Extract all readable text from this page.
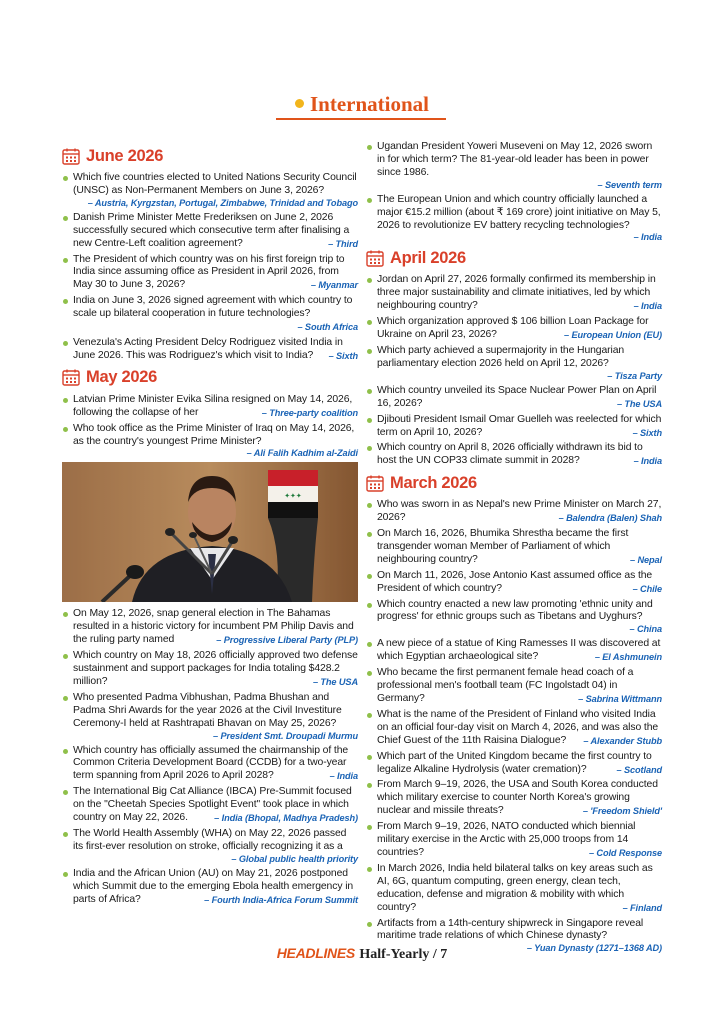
International
June 2026
Which five countries elected to United Nations Security Council (UNSC) as Non-Permanent Members on June 3, 2026?
– Austria, Kyrgzstan, Portugal, Zimbabwe, Trinidad and Tobago
Danish Prime Minister Mette Frederiksen on June 2, 2026 successfully secured which consecutive term after finalising a new Centre-Left coalition agreement?	– Third
The President of which country was on his first foreign trip to India since assuming office as President in April 2026, from May 30 to June 3, 2026?	– Myanmar
India on June 3, 2026 signed agreement with which country to scale up bilateral cooperation in future technologies?
– South Africa
Venezula's Acting President Delcy Rodriguez visited India in June 2026. This was Rodriguez's which visit to India?	– Sixth
May 2026
Latvian Prime Minister Evika Silina resigned on May 14, 2026, following the collapse of her	– Three-party coalition
Who took office as the Prime Minister of Iraq on May 14, 2026, as the country's youngest Prime Minister?
– Ali Falih Kadhim al-Zaidi
✦✦✦
On May 12, 2026, snap general election in The Bahamas resulted in a historic victory for incumbent PM Philip Davis and the ruling party named	– Progressive Liberal Party (PLP)
Which country on May 18, 2026 officially approved two defense sustainment and support packages for India totaling $428.2 million?	– The USA
Who presented Padma Vibhushan, Padma Bhushan and Padma Shri Awards for the year 2026 at the Civil Investiture Ceremony-I held at Rashtrapati Bhavan on May 25, 2026?
– President Smt. Droupadi Murmu
Which country has officially assumed the chairmanship of the Common Criteria Development Board (CCDB) for a two-year term spanning from April 2026 to April 2028?	– India
The International Big Cat Alliance (IBCA) Pre-Summit focused on the "Cheetah Species Spotlight Event" took place in which country on May 22, 2026.	– India (Bhopal, Madhya Pradesh)
The World Health Assembly (WHA) on May 22, 2026 passed its first-ever resolution on stroke, officially recognizing it as a
– Global public health priority
India and the African Union (AU) on May 21, 2026 postponed which Summit due to the emerging Ebola health emergency in parts of Africa?	– Fourth India-Africa Forum Summit
Ugandan President Yoweri Museveni on May 12, 2026 sworn in for which term? The 81-year-old leader has been in power since 1986.
– Seventh term
The European Union and which country officially launched a major €15.2 million (about ₹ 169 crore) joint initiative on May 5, 2026 to revolutionize EV battery recycling technologies?
– India
April 2026
Jordan on April 27, 2026 formally confirmed its membership in three major sustainability and climate initiatives, led by which neighbouring country?	– India
Which organization approved $ 106 billion Loan Package for Ukraine on April 23, 2026?	– European Union (EU)
Which party achieved a supermajority in the Hungarian parliamentary election 2026 held on April 12, 2026?
– Tisza Party
Which country unveiled its Space Nuclear Power Plan on April 16, 2026?	– The USA
Djibouti President Ismail Omar Guelleh was reelected for which term on April 10, 2026?	– Sixth
Which country on April 8, 2026 officially withdrawn its bid to host the UN COP33 climate summit in 2028?	– India
March 2026
Who was sworn in as Nepal's new Prime Minister on March 27, 2026?	– Balendra (Balen) Shah
On March 16, 2026, Bhumika Shrestha became the first transgender woman Member of Parliament of which neighbouring country?	– Nepal
On March 11, 2026, Jose Antonio Kast assumed office as the President of which country?	– Chile
Which country enacted a new law promoting 'ethnic unity and progress' for ethnic groups such as Tibetans and Uyghurs?
– China
A new piece of a statue of King Ramesses II was discovered at which Egyptian archaeological site?	– El Ashmunein
Who became the first permanent female head coach of a professional men's football team (FC Ingolstadt 04) in Germany?	– Sabrina Wittmann
What is the name of the President of Finland who visited India on an official four-day visit on March 4, 2026, and was also the Chief Guest of the 11th Raisina Dialogue?	– Alexander Stubb
Which part of the United Kingdom became the first country to legalize Alkaline Hydrolysis (water cremation)?	– Scotland
From March 9–19, 2026, the USA and South Korea conducted which military exercise to counter North Korea's growing nuclear and missile threats?	– 'Freedom Shield'
From March 9–19, 2026, NATO conducted which biennial military exercise in the Arctic with 25,000 troops from 14 countries?	– Cold Response
In March 2026, India held bilateral talks on key areas such as AI, 6G, quantum computing, green energy, clean tech, education, defense and migration & mobility with which country?	– Finland
Artifacts from a 14th-century shipwreck in Singapore reveal maritime trade relations of which Chinese dynasty?
– Yuan Dynasty (1271–1368 AD)
HEADLINES Half-Yearly / 7
